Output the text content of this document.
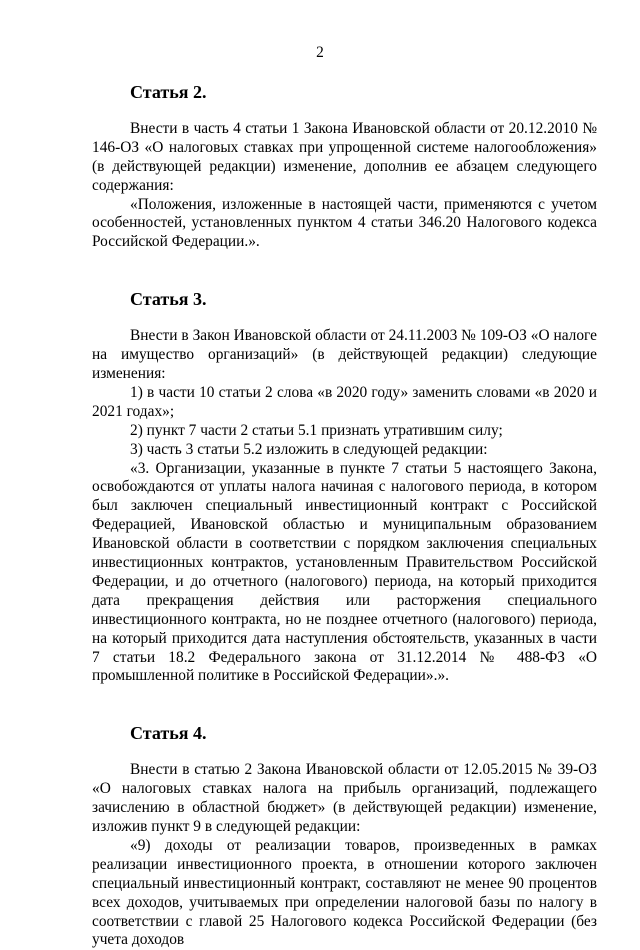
2
Статья 2.

Внести в часть 4 статьи 1 Закона Ивановской области от 20.12.2010 № 146-ОЗ «О налоговых ставках при упрощенной системе налогообложения» (в действующей редакции) изменение, дополнив ее абзацем следующего содержания:

«Положения, изложенные в настоящей части, применяются с учетом особенностей, установленных пунктом 4 статьи 346.20 Налогового кодекса Российской Федерации.».

Статья 3.

Внести в Закон Ивановской области от 24.11.2003 № 109-ОЗ «О налоге на имущество организаций» (в действующей редакции) следующие изменения:

1) в части 10 статьи 2 слова «в 2020 году» заменить словами «в 2020 и 2021 годах»;

2) пункт 7 части 2 статьи 5.1 признать утратившим силу;

3) часть 3 статьи 5.2 изложить в следующей редакции:

«3. Организации, указанные в пункте 7 статьи 5 настоящего Закона, освобождаются от уплаты налога начиная с налогового периода, в котором был заключен специальный инвестиционный контракт с Российской Федерацией, Ивановской областью и муниципальным образованием Ивановской области в соответствии с порядком заключения специальных инвестиционных контрактов, установленным Правительством Российской Федерации, и до отчетного (налогового) периода, на который приходится дата прекращения действия или расторжения специального инвестиционного контракта, но не позднее отчетного (налогового) периода, на который приходится дата наступления обстоятельств, указанных в части 7 статьи 18.2 Федерального закона от 31.12.2014 № 488-ФЗ «О промышленной политике в Российской Федерации».».

Статья 4.

Внести в статью 2 Закона Ивановской области от 12.05.2015 № 39-ОЗ «О налоговых ставках налога на прибыль организаций, подлежащего зачислению в областной бюджет» (в действующей редакции) изменение, изложив пункт 9 в следующей редакции:

«9) доходы от реализации товаров, произведенных в рамках реализации инвестиционного проекта, в отношении которого заключен специальный инвестиционный контракт, составляют не менее 90 процентов всех доходов, учитываемых при определении налоговой базы по налогу в соответствии с главой 25 Налогового кодекса Российской Федерации (без учета доходов
